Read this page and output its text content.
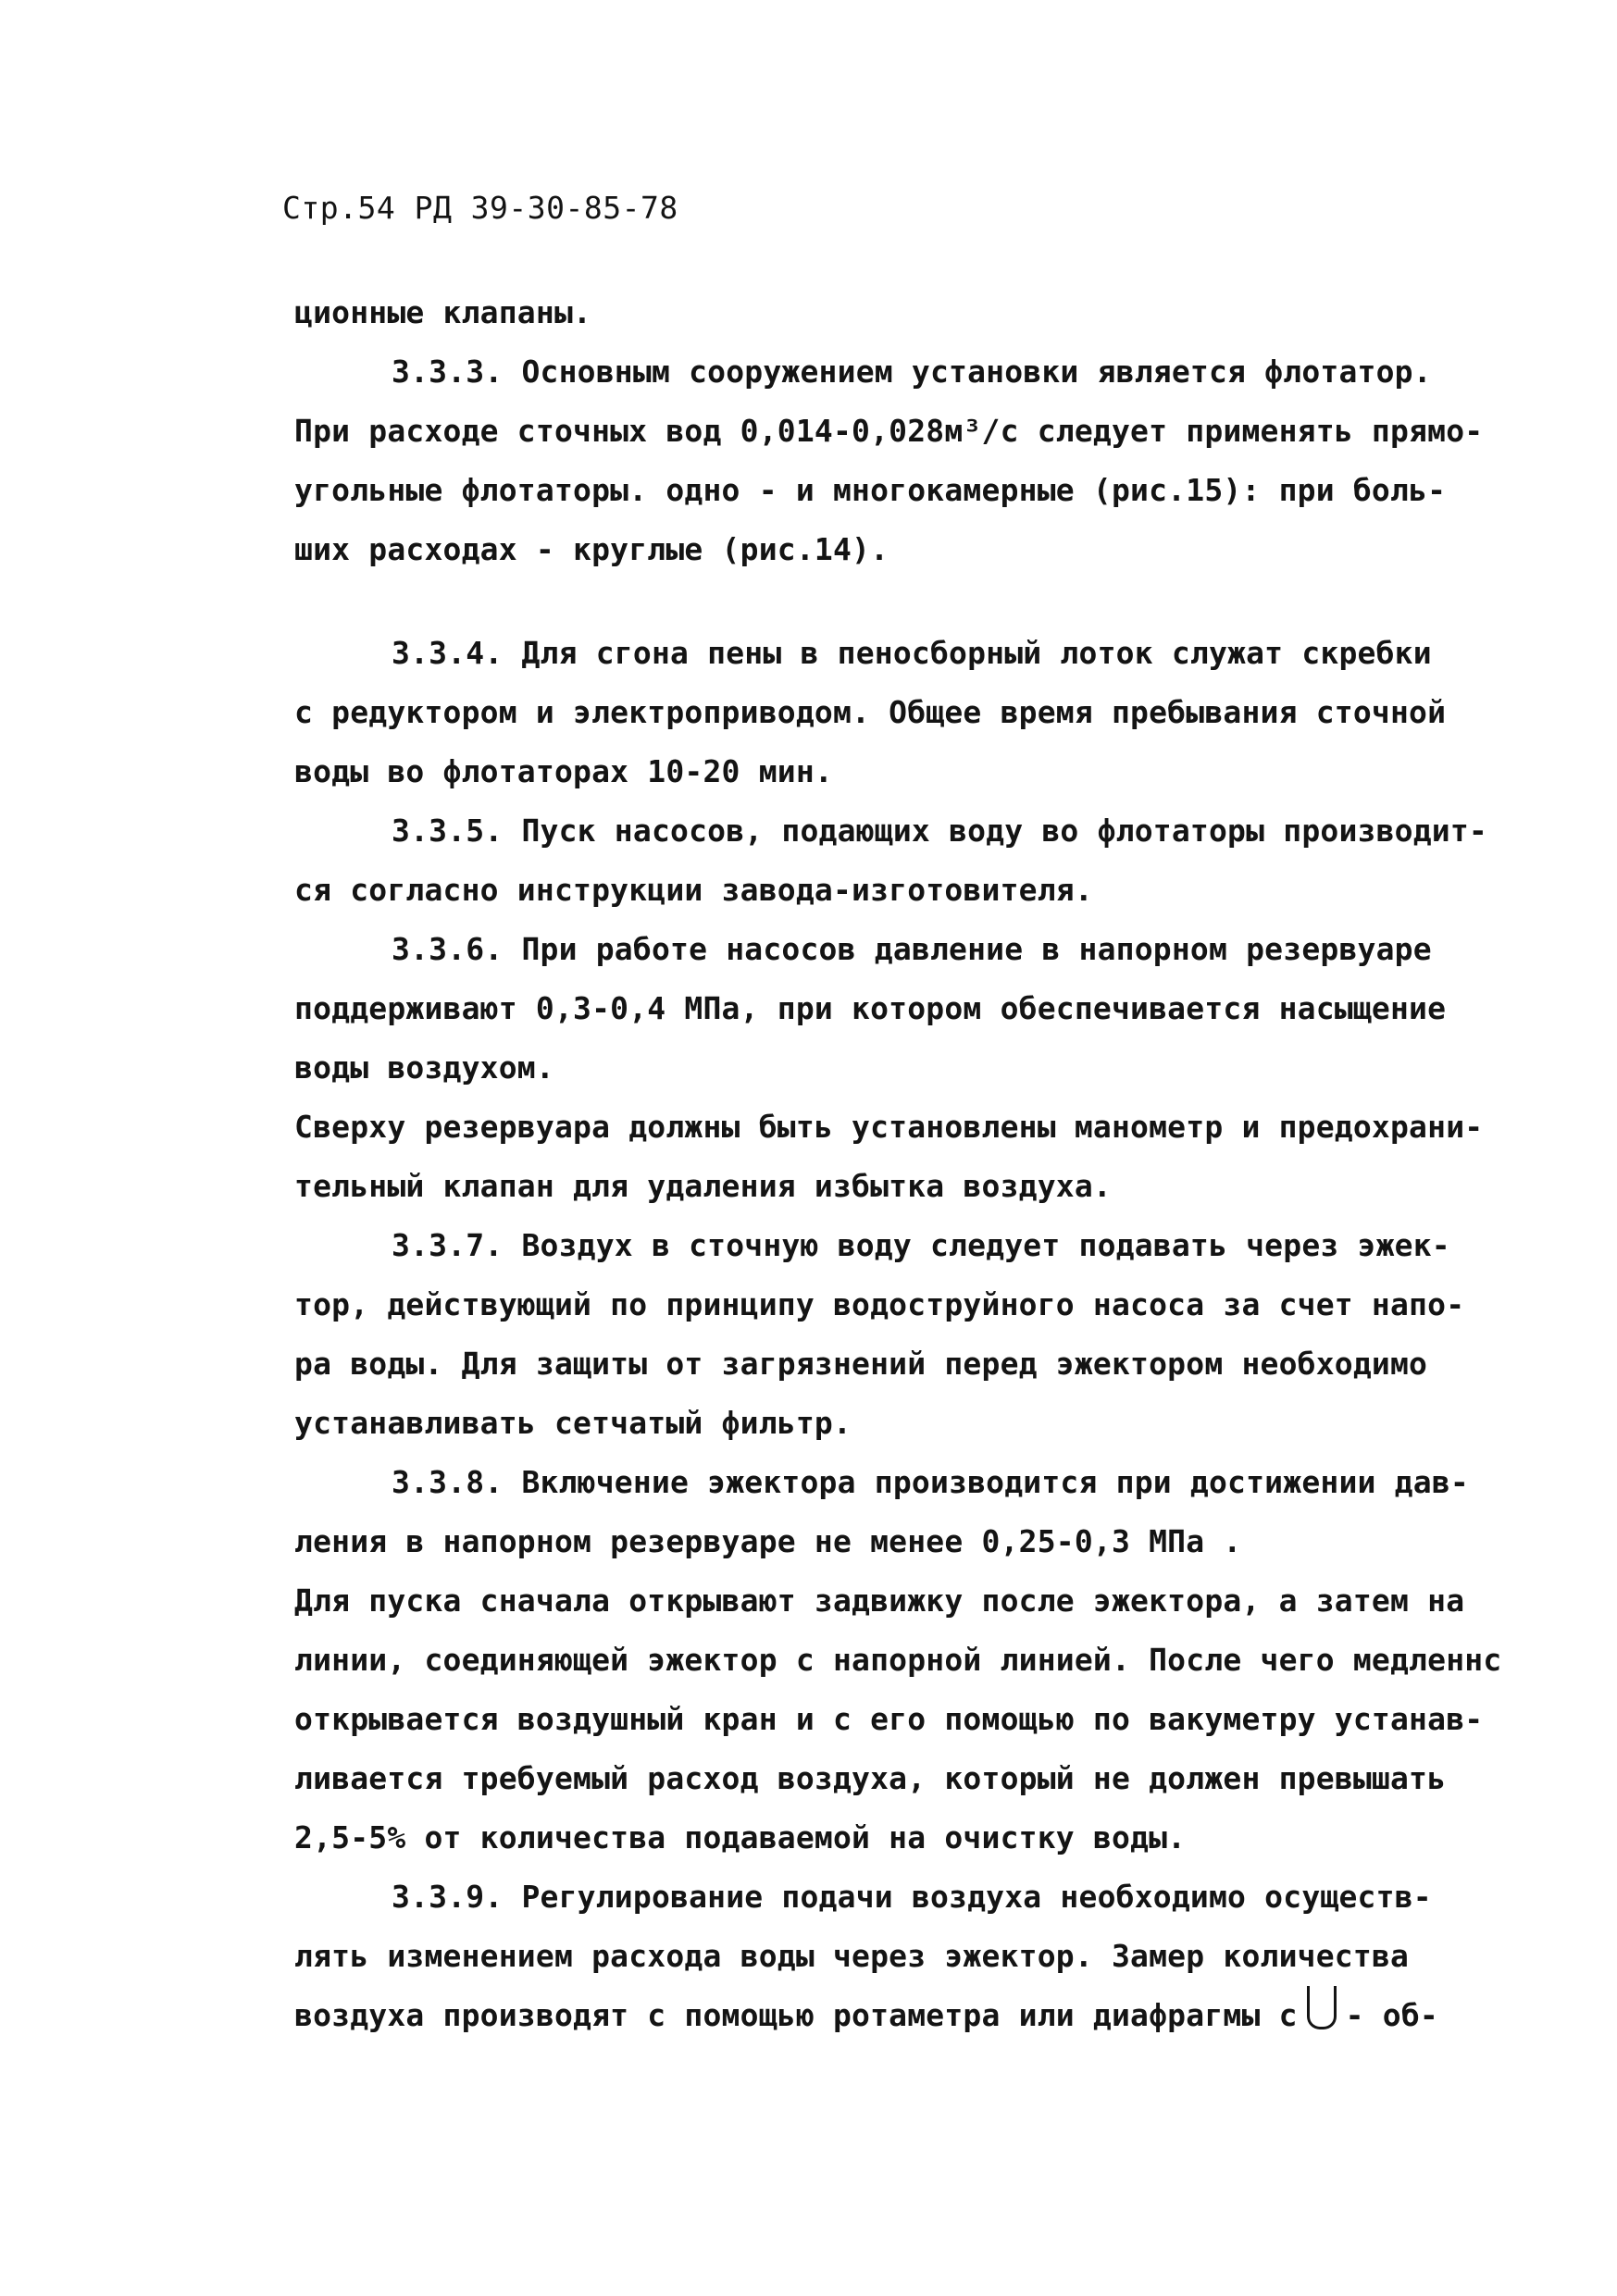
Стр.54 РД 39-30-85-78
ционные клапаны.
3.3.3. Основным сооружением установки является флотатор.
При расходе сточных вод 0,014-0,028м³/с следует применять прямо-
угольные флотаторы. одно - и многокамерные (рис.15): при боль-
ших расходах - круглые (рис.14).
3.3.4. Для сгона пены в пеносборный лоток служат скребки
с редуктором и электроприводом. Общее время пребывания сточной
воды во флотаторах 10-20 мин.
3.3.5. Пуск насосов, подающих воду во флотаторы производит-
ся согласно инструкции завода-изготовителя.
3.3.6. При работе насосов давление в напорном резервуаре
поддерживают 0,3-0,4 МПа, при котором обеспечивается насыщение
воды воздухом.
Сверху резервуара должны быть установлены манометр и предохрани-
тельный клапан для удаления избытка воздуха.
3.3.7. Воздух в сточную воду следует подавать через эжек-
тор, действующий по принципу водоструйного насоса за счет напо-
ра воды. Для защиты от загрязнений перед эжектором необходимо
устанавливать сетчатый фильтр.
3.3.8. Включение эжектора производится при достижении дав-
ления в напорном резервуаре не менее 0,25-0,3 МПа .
Для пуска сначала открывают задвижку после эжектора, а затем на
линии, соединяющей эжектор с напорной линией. После чего медленнс
открывается воздушный кран и с его помощью по вакуметру устанав-
ливается требуемый расход воздуха, который не должен превышать
2,5-5% от количества подаваемой на очистку воды.
3.3.9. Регулирование подачи воздуха необходимо осуществ-
лять изменением расхода воды через эжектор. Замер количества
воздуха производят с помощью ротаметра или диафрагмы с - об-
